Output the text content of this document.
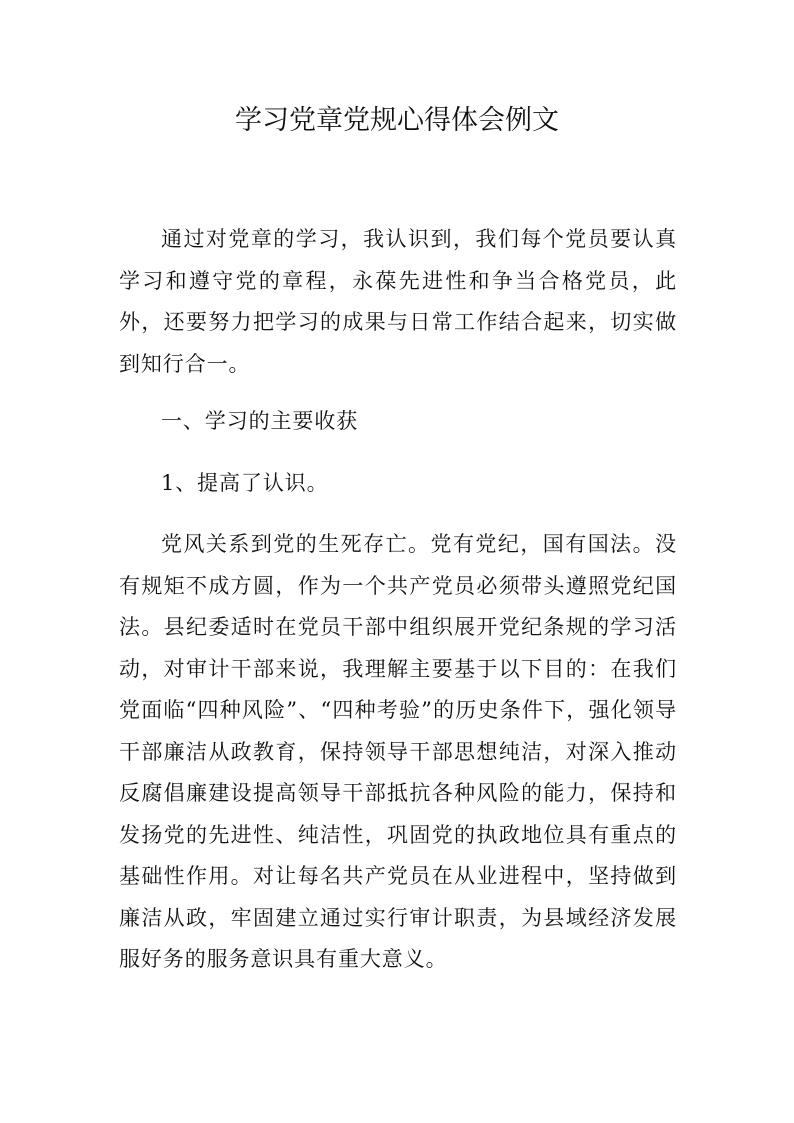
学习党章党规心得体会例文

通过对党章的学习，我认识到，我们每个党员要认真学习和遵守党的章程，永葆先进性和争当合格党员，此外，还要努力把学习的成果与日常工作结合起来，切实做到知行合一。

一、学习的主要收获

1、提高了认识。

党风关系到党的生死存亡。党有党纪，国有国法。没有规矩不成方圆，作为一个共产党员必须带头遵照党纪国法。县纪委适时在党员干部中组织展开党纪条规的学习活动，对审计干部来说，我理解主要基于以下目的：在我们党面临“四种风险”、“四种考验”的历史条件下，强化领导干部廉洁从政教育，保持领导干部思想纯洁，对深入推动反腐倡廉建设提高领导干部抵抗各种风险的能力，保持和发扬党的先进性、纯洁性，巩固党的执政地位具有重点的基础性作用。对让每名共产党员在从业进程中，坚持做到廉洁从政，牢固建立通过实行审计职责，为县域经济发展服好务的服务意识具有重大意义。
